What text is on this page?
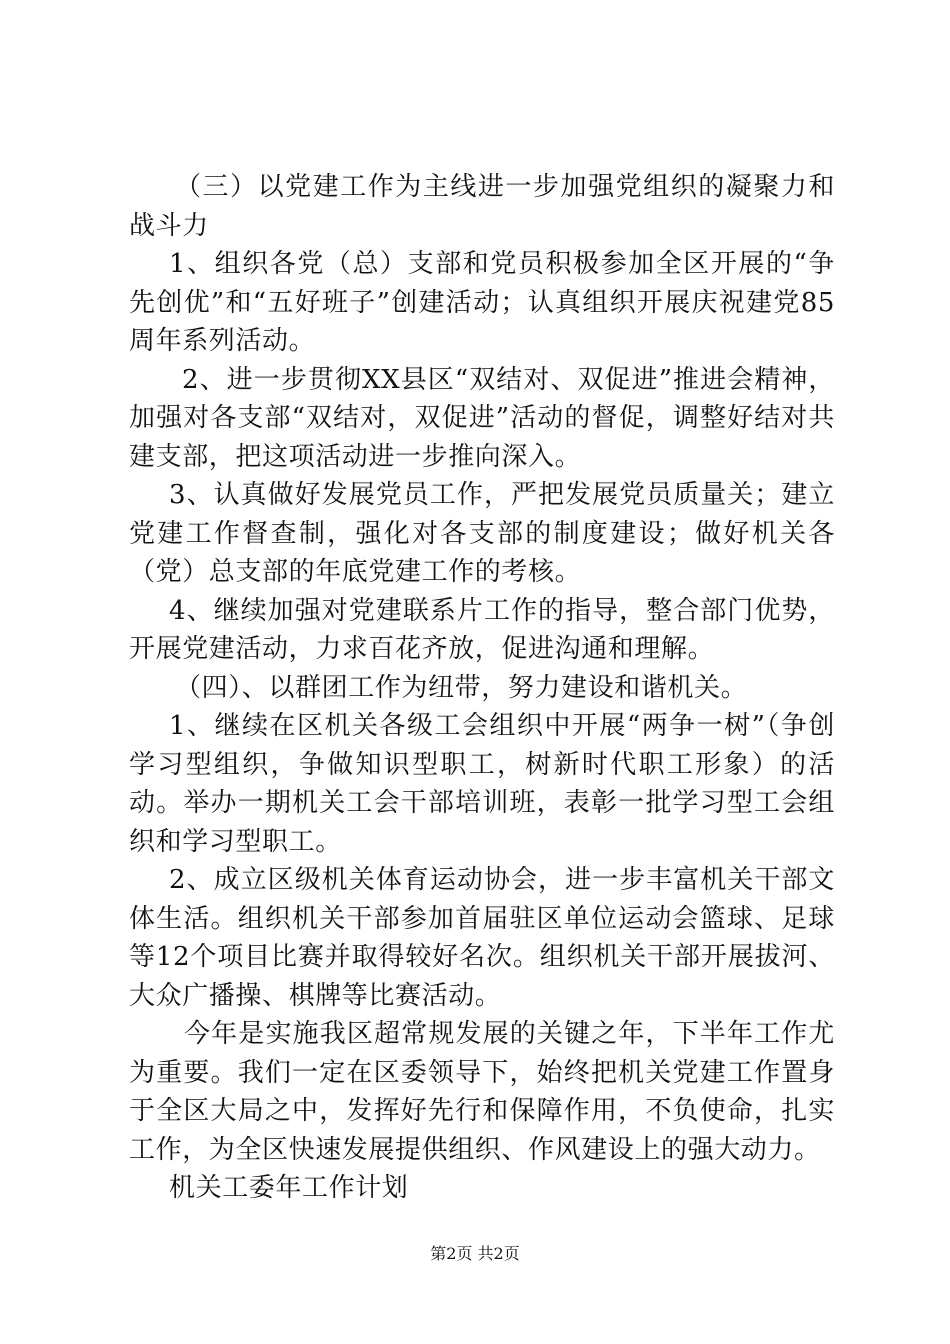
（三）以党建工作为主线进一步加强党组织的凝聚力和战斗力

1、组织各党（总）支部和党员积极参加全区开展的“争先创优”和“五好班子”创建活动；认真组织开展庆祝建党85周年系列活动。

2、进一步贯彻XX县区“双结对、双促进”推进会精神，加强对各支部“双结对，双促进”活动的督促，调整好结对共建支部，把这项活动进一步推向深入。

3、认真做好发展党员工作，严把发展党员质量关；建立党建工作督查制，强化对各支部的制度建设；做好机关各（党）总支部的年底党建工作的考核。

4、继续加强对党建联系片工作的指导，整合部门优势，开展党建活动，力求百花齐放，促进沟通和理解。

（四）、以群团工作为纽带，努力建设和谐机关。

1、继续在区机关各级工会组织中开展“两争一树”（争创学习型组织，争做知识型职工，树新时代职工形象）的活动。举办一期机关工会干部培训班，表彰一批学习型工会组织和学习型职工。

2、成立区级机关体育运动协会，进一步丰富机关干部文体生活。组织机关干部参加首届驻区单位运动会篮球、足球等12个项目比赛并取得较好名次。组织机关干部开展拔河、大众广播操、棋牌等比赛活动。

今年是实施我区超常规发展的关键之年，下半年工作尤为重要。我们一定在区委领导下，始终把机关党建工作置身于全区大局之中，发挥好先行和保障作用，不负使命，扎实工作，为全区快速发展提供组织、作风建设上的强大动力。

机关工委年工作计划

第2页 共2页
